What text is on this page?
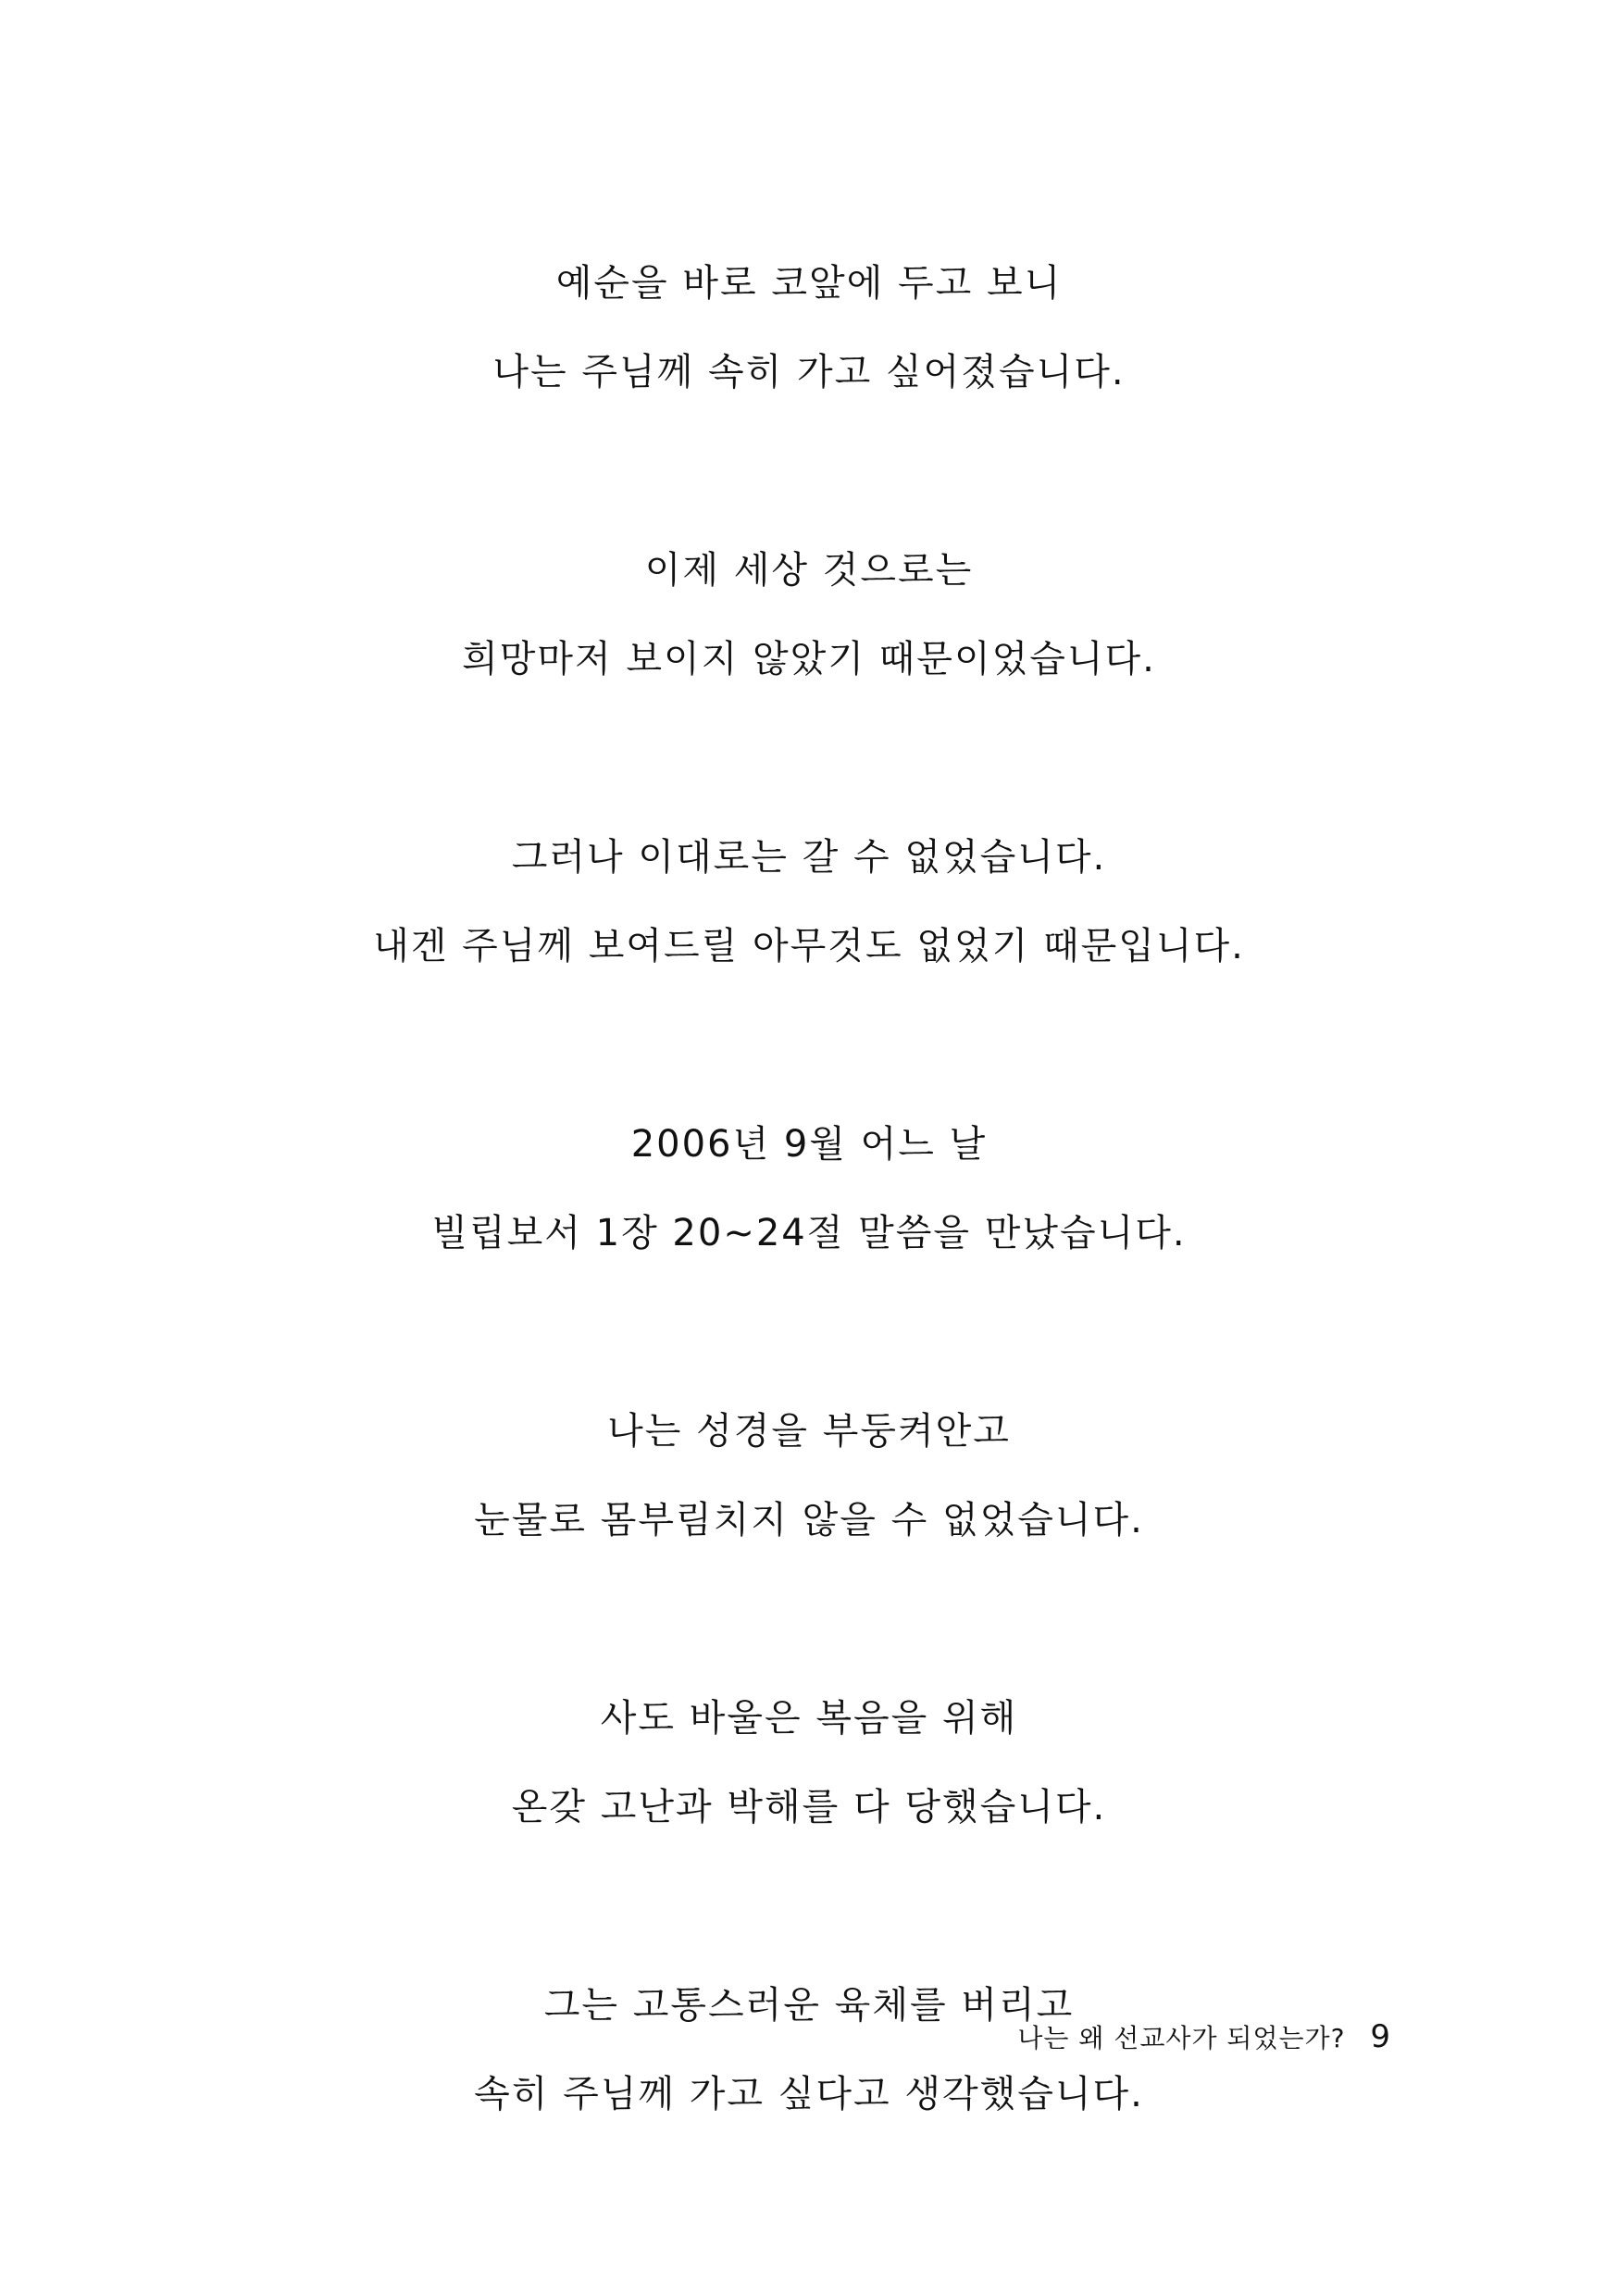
예순을 바로 코앞에 두고 보니
나는 주님께 속히 가고 싶어졌습니다.
이제 세상 것으로는
희망마저 보이지 않았기 때문이었습니다.
그러나 이대로는 갈 수 없었습니다.
내겐 주님께 보여드릴 아무것도 없었기 때문입니다.
2006년 9월 어느 날
빌립보서 1장 20~24절 말씀을 만났습니다.
나는 성경을 부둥켜안고
눈물로 몸부림치지 않을 수 없었습니다.
사도 바울은 복음을 위해
온갖 고난과 박해를 다 당했습니다.
그는 고통스러운 육체를 버리고
속히 주님께 가고 싶다고 생각했습니다.
나는 왜 선교사가 되었는가? 9
